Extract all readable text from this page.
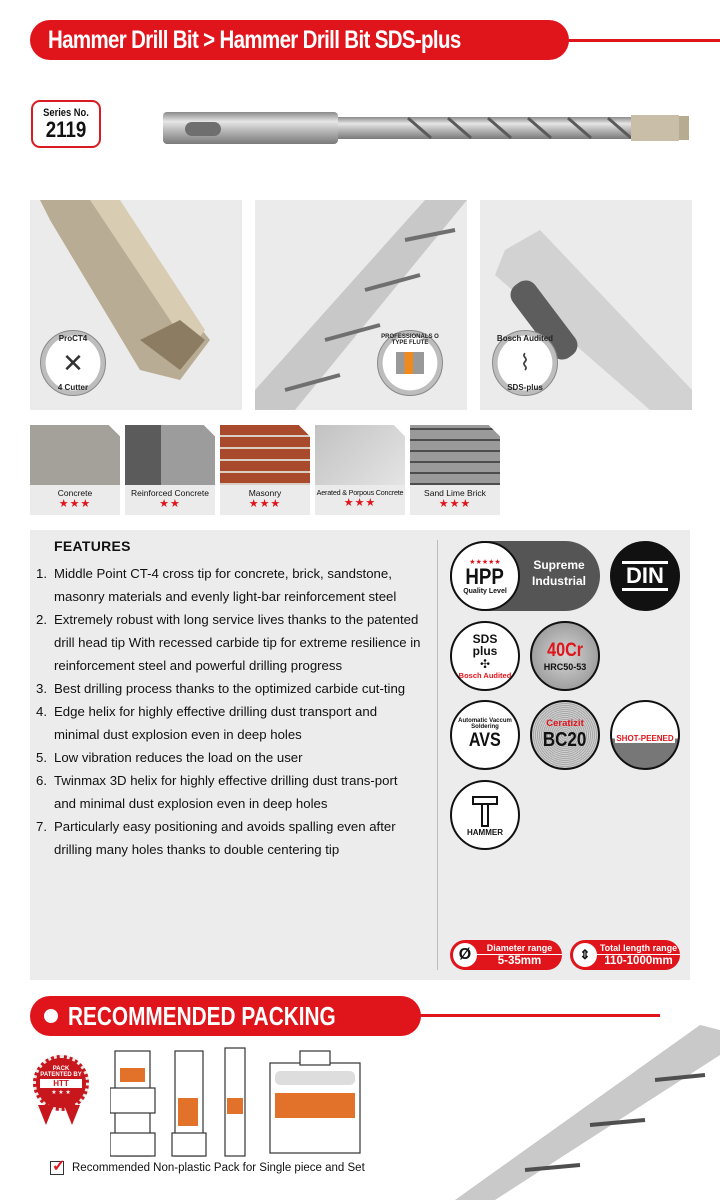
Hammer Drill Bit > Hammer Drill Bit SDS-plus
Series No.
2119
ProCT4
✕
4 Cutter
PROFESSIONALS O TYPE FLUTE	Bosch Audited
⌇
SDS-plus
Concrete
★★★
Reinforced Concrete
★★
Masonry
★★★
Aerated & Porpous Concrete
★★★
Sand Lime Brick
★★★
FEATURES
1. Middle Point CT-4 cross tip for concrete, brick, sandstone, masonry materials and evenly light-bar reinforcement steel
2. Extremely robust with long service lives thanks to the patented drill head tip With recessed carbide tip for extreme resilience in reinforcement steel and powerful drilling progress
3. Best drilling process thanks to the optimized carbide cut-ting
4. Edge helix for highly effective drilling dust transport and minimal dust explosion even in deep holes
5. Low vibration reduces the load on the user
6. Twinmax 3D helix for highly effective drilling dust trans-port and minimal dust explosion even in deep holes
7. Particularly easy positioning and avoids spalling even after drilling many holes thanks to double centering tip
★★★★★
HPP
Quality Level
Supreme
Industrial	DIN
SDS
plus
✣
Bosch Audited
40Cr
HRC50-53
Automatic Vaccum Soldering
AVS
Ceratizit
BC20	SHOT-PEENED
HAMMER
Ø	Diameter range
5-35mm	⇕	Total length range
110-1000mm
RECOMMENDED PACKING
PACK
PATENTED BY
HTT
★ ★ ★
✓ Recommended Non-plastic Pack for Single piece and Set
